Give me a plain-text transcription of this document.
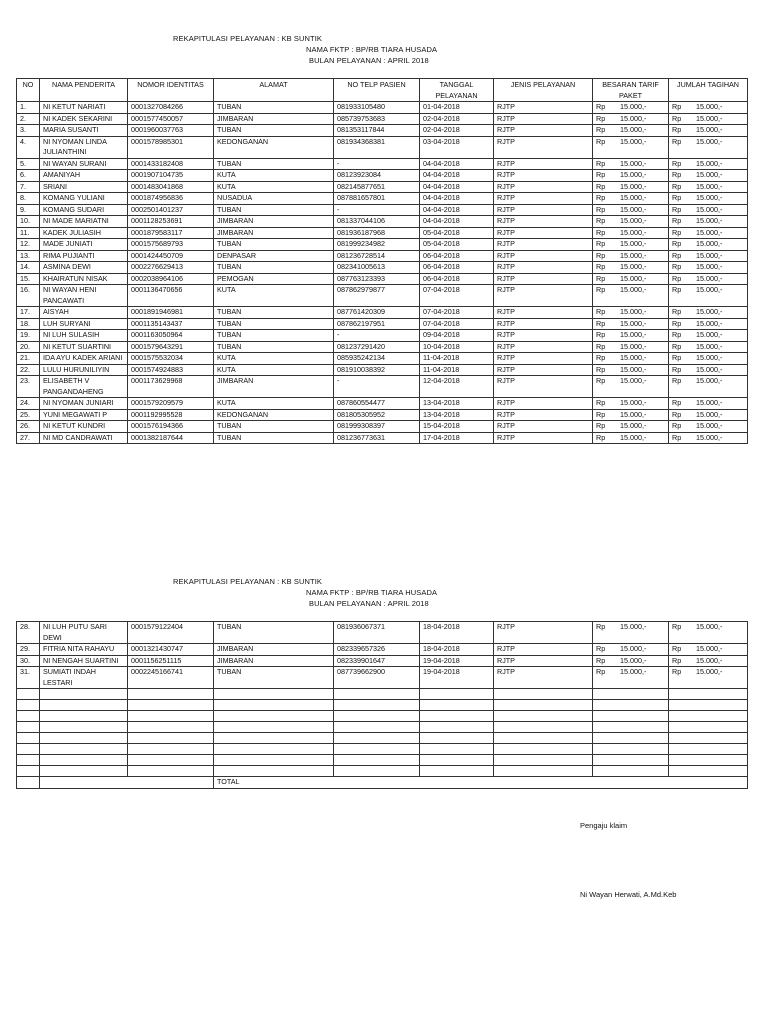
REKAPITULASI PELAYANAN : KB SUNTIK
NAMA FKTP : BP/RB TIARA HUSADA
BULAN PELAYANAN : APRIL 2018
NO	NAMA PENDERITA	NOMOR IDENTITAS	ALAMAT	NO TELP PASIEN	TANGGAL PELAYANAN	JENIS PELAYANAN	BESARAN TARIF PAKET	JUMLAH TAGIHAN
1.	NI KETUT NARIATI	0001327084266	TUBAN	081933105480	01-04-2018	RJTP	Rp 15.000,-	Rp 15.000,-
2.	NI KADEK SEKARINI	0001577450057	JIMBARAN	085739753683	02-04-2018	RJTP	Rp 15.000,-	Rp 15.000,-
3.	MARIA SUSANTI	0001960037763	TUBAN	081353117844	02-04-2018	RJTP	Rp 15.000,-	Rp 15.000,-
4.	NI NYOMAN LINDA JULIANTHINI	0001578985301	KEDONGANAN	081934368381	03-04-2018	RJTP	Rp 15.000,-	Rp 15.000,-
5.	NI WAYAN SURANI	0001433182408	TUBAN	-	04-04-2018	RJTP	Rp 15.000,-	Rp 15.000,-
6.	AMANIYAH	0001907104735	KUTA	08123923084	04-04-2018	RJTP	Rp 15.000,-	Rp 15.000,-
7.	SRIANI	0001483041868	KUTA	082145877651	04-04-2018	RJTP	Rp 15.000,-	Rp 15.000,-
8.	KOMANG YULIANI	0001874956836	NUSADUA	087881657801	04-04-2018	RJTP	Rp 15.000,-	Rp 15.000,-
9.	KOMANG SUDARI	0002501401237	TUBAN	-	04-04-2018	RJTP	Rp 15.000,-	Rp 15.000,-
10.	NI MADE MARIATNI	0001128253691	JIMBARAN	081337044106	04-04-2018	RJTP	Rp 15.000,-	Rp 15.000,-
11.	KADEK JULIASIH	0001879583117	JIMBARAN	081936187968	05-04-2018	RJTP	Rp 15.000,-	Rp 15.000,-
12.	MADE JUNIATI	0001575689793	TUBAN	081999234982	05-04-2018	RJTP	Rp 15.000,-	Rp 15.000,-
13.	RIMA PUJIANTI	0001424450709	DENPASAR	081236728514	06-04-2018	RJTP	Rp 15.000,-	Rp 15.000,-
14.	ASMINA DEWI	0002276629413	TUBAN	082341005613	06-04-2018	RJTP	Rp 15.000,-	Rp 15.000,-
15.	KHAIRATUN NISAK	0002038964106	PEMOGAN	087763123393	06-04-2018	RJTP	Rp 15.000,-	Rp 15.000,-
16.	NI WAYAN HENI PANCAWATI	0001136470656	KUTA	087862979877	07-04-2018	RJTP	Rp 15.000,-	Rp 15.000,-
17.	AISYAH	0001891946981	TUBAN	087761420309	07-04-2018	RJTP	Rp 15.000,-	Rp 15.000,-
18.	LUH SURYANI	0001135143437	TUBAN	087862197951	07-04-2018	RJTP	Rp 15.000,-	Rp 15.000,-
19.	NI LUH SULASIH	0001163050964	TUBAN	-	09-04-2018	RJTP	Rp 15.000,-	Rp 15.000,-
20.	NI KETUT SUARTINI	0001579643291	TUBAN	081237291420	10-04-2018	RJTP	Rp 15.000,-	Rp 15.000,-
21.	IDA AYU KADEK ARIANI	0001575532034	KUTA	085935242134	11-04-2018	RJTP	Rp 15.000,-	Rp 15.000,-
22.	LULU HURUNILIYIN	0001574924883	KUTA	081910038392	11-04-2018	RJTP	Rp 15.000,-	Rp 15.000,-
23.	ELISABETH V PANGANDAHENG	0001173629968	JIMBARAN	-	12-04-2018	RJTP	Rp 15.000,-	Rp 15.000,-
24.	NI NYOMAN JUNIARI	0001579209579	KUTA	087860554477	13-04-2018	RJTP	Rp 15.000,-	Rp 15.000,-
25.	YUNI MEGAWATI P	0001192995528	KEDONGANAN	081805305952	13-04-2018	RJTP	Rp 15.000,-	Rp 15.000,-
26.	NI KETUT KUNDRI	0001576194366	TUBAN	081999308397	15-04-2018	RJTP	Rp 15.000,-	Rp 15.000,-
27.	NI MD CANDRAWATI	0001382187644	TUBAN	081236773631	17-04-2018	RJTP	Rp 15.000,-	Rp 15.000,-
REKAPITULASI PELAYANAN : KB SUNTIK
NAMA FKTP : BP/RB TIARA HUSADA
BULAN PELAYANAN : APRIL 2018
28.	NI LUH PUTU SARI DEWI	0001579122404	TUBAN	081936067371	18-04-2018	RJTP	Rp 15.000,-	Rp 15.000,-
29.	FITRIA NITA RAHAYU	0001321430747	JIMBARAN	082339657326	18-04-2018	RJTP	Rp 15.000,-	Rp 15.000,-
30.	NI NENGAH SUARTINI	0001156251115	JIMBARAN	082339901647	19-04-2018	RJTP	Rp 15.000,-	Rp 15.000,-
31.	SUMIATI INDAH LESTARI	0002245166741	TUBAN	087739662900	19-04-2018	RJTP	Rp 15.000,-	Rp 15.000,-

			TOTAL					
Pengaju klaim
Ni Wayan Herwati, A.Md.Keb
